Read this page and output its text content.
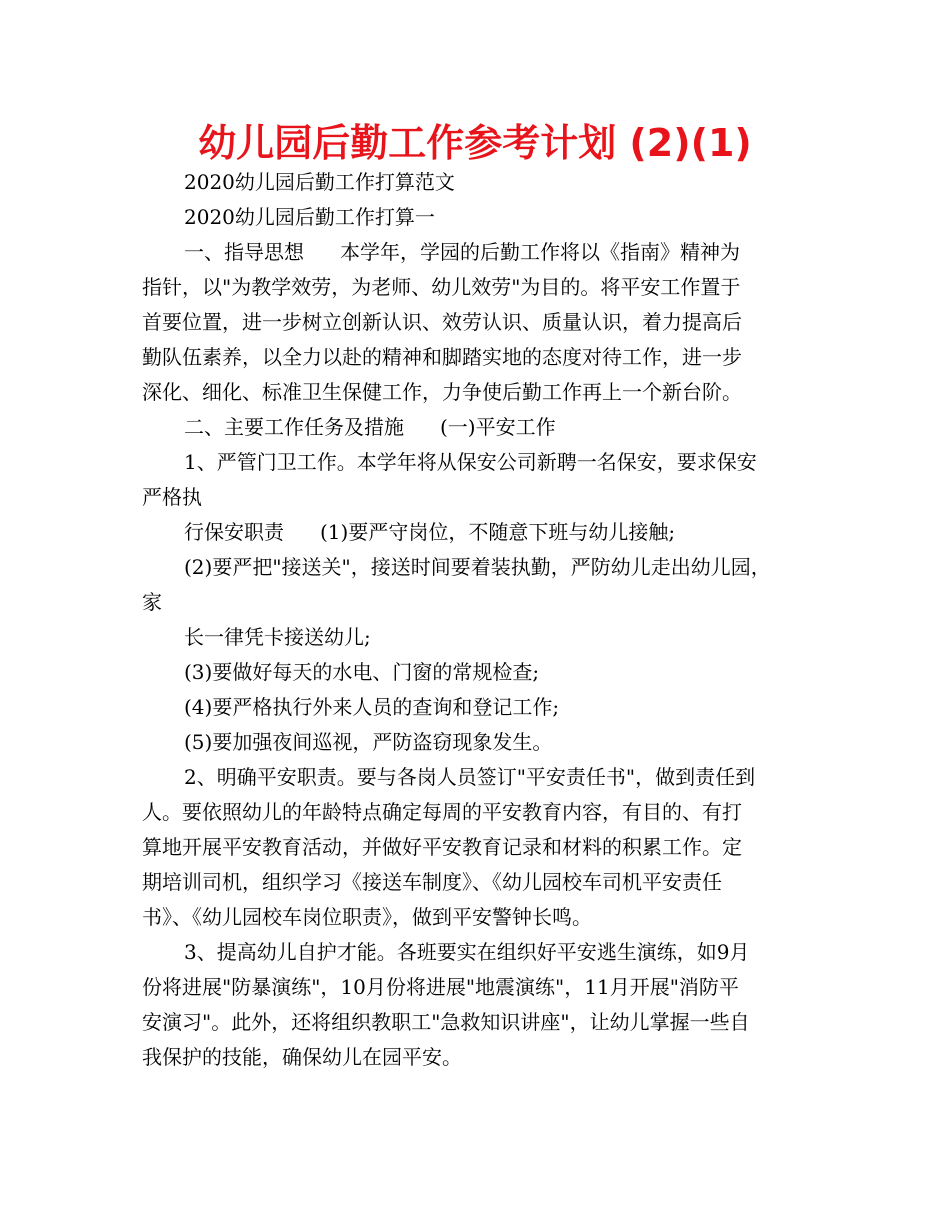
幼儿园后勤工作参考计划 (2)(1)
2020幼儿园后勤工作打算范文
2020幼儿园后勤工作打算一
一、指导思想 本学年，学园的后勤工作将以《指南》精神为
指针，以"为教学效劳，为老师、幼儿效劳"为目的。将平安工作置于
首要位置，进一步树立创新认识、效劳认识、质量认识，着力提高后
勤队伍素养，以全力以赴的精神和脚踏实地的态度对待工作，进一步
深化、细化、标准卫生保健工作，力争使后勤工作再上一个新台阶。
二、主要工作任务及措施 (一)平安工作
1、严管门卫工作。本学年将从保安公司新聘一名保安，要求保安
严格执
行保安职责 (1)要严守岗位，不随意下班与幼儿接触;
(2)要严把"接送关"，接送时间要着装执勤，严防幼儿走出幼儿园，
家
长一律凭卡接送幼儿;
(3)要做好每天的水电、门窗的常规检查;
(4)要严格执行外来人员的查询和登记工作;
(5)要加强夜间巡视，严防盗窃现象发生。
2、明确平安职责。要与各岗人员签订"平安责任书"，做到责任到
人。要依照幼儿的年龄特点确定每周的平安教育内容，有目的、有打
算地开展平安教育活动，并做好平安教育记录和材料的积累工作。定
期培训司机，组织学习《接送车制度》、《幼儿园校车司机平安责任
书》、《幼儿园校车岗位职责》，做到平安警钟长鸣。
3、提高幼儿自护才能。各班要实在组织好平安逃生演练，如9月
份将进展"防暴演练"，10月份将进展"地震演练"，11月开展"消防平
安演习"。此外，还将组织教职工"急救知识讲座"，让幼儿掌握一些自
我保护的技能，确保幼儿在园平安。
